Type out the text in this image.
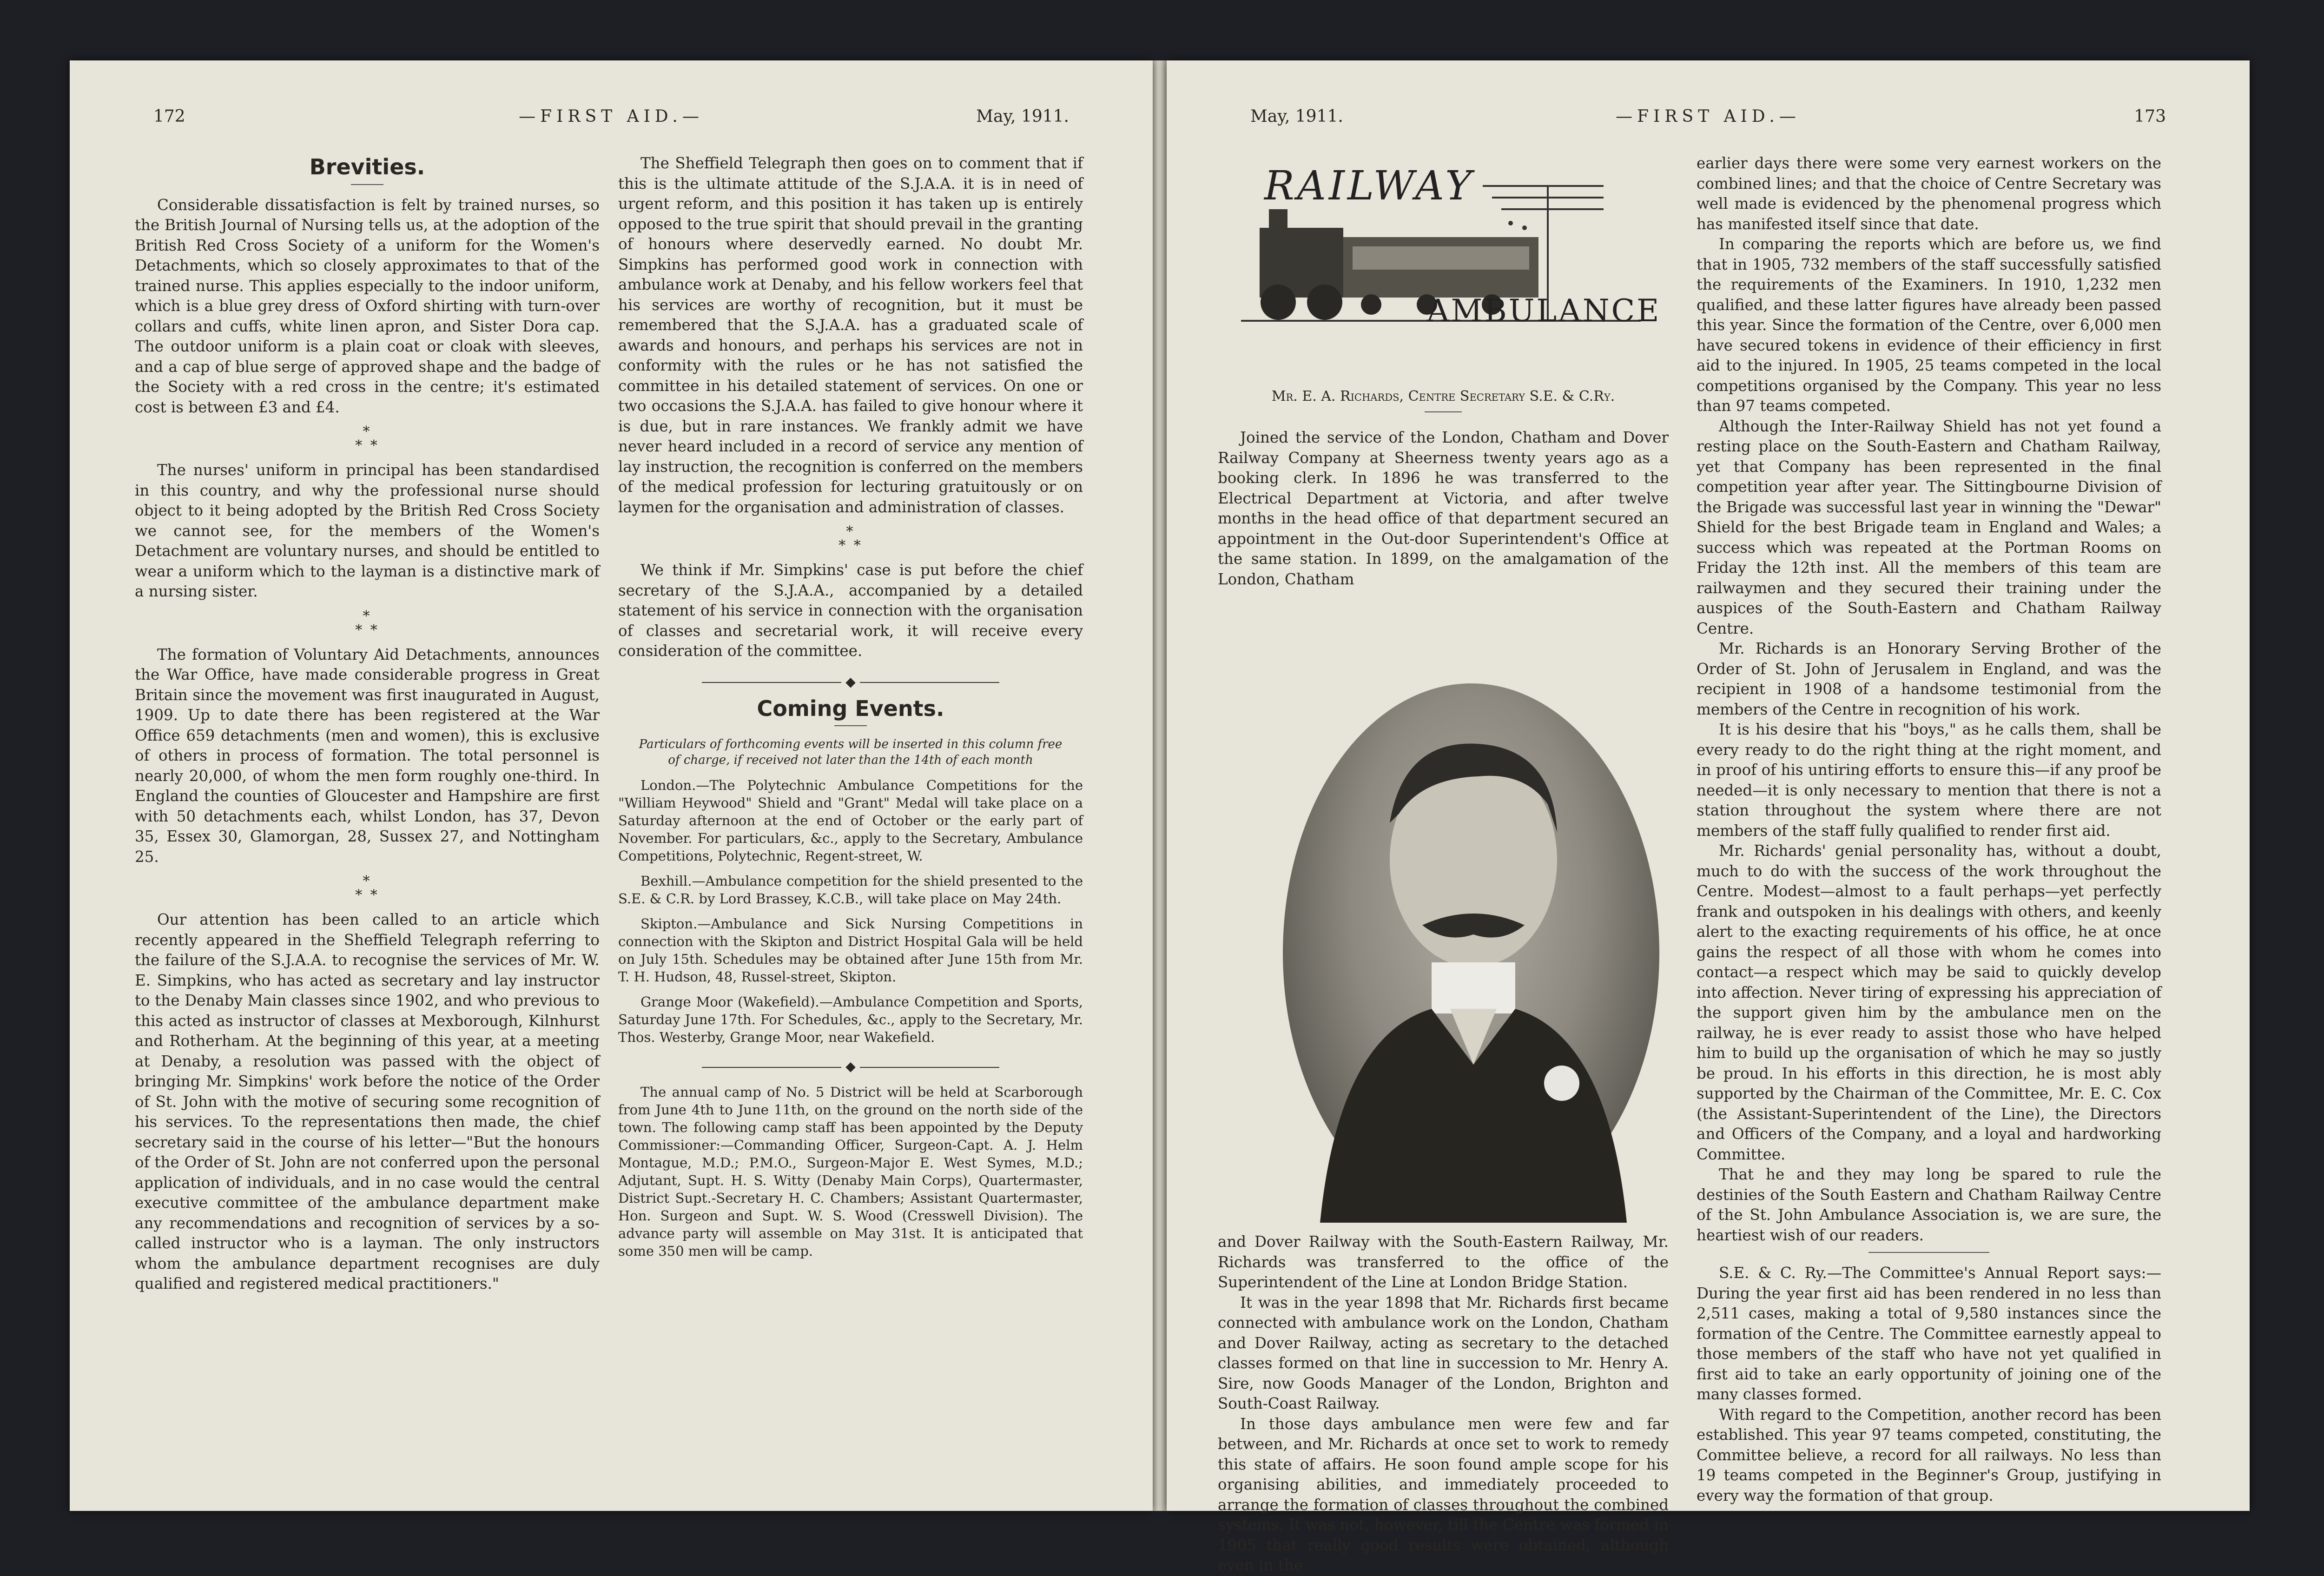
172	—FIRST AID.—	May, 1911.
Brevities.

Considerable dissatisfaction is felt by trained nurses, so the British Journal of Nursing tells us, at the adoption of the British Red Cross Society of a uniform for the Women's Detachments, which so closely approximates to that of the trained nurse. This applies especially to the indoor uniform, which is a blue grey dress of Oxford shirting with turn-over collars and cuffs, white linen apron, and Sister Dora cap. The outdoor uniform is a plain coat or cloak with sleeves, and a cap of blue serge of approved shape and the badge of the Society with a red cross in the centre; it's estimated cost is between £3 and £4.

*
* *

The nurses' uniform in principal has been standardised in this country, and why the professional nurse should object to it being adopted by the British Red Cross Society we cannot see, for the members of the Women's Detachment are voluntary nurses, and should be entitled to wear a uniform which to the layman is a distinctive mark of a nursing sister.

*
* *

The formation of Voluntary Aid Detachments, announces the War Office, have made considerable progress in Great Britain since the movement was first inaugurated in August, 1909. Up to date there has been registered at the War Office 659 detachments (men and women), this is exclusive of others in process of formation. The total personnel is nearly 20,000, of whom the men form roughly one-third. In England the counties of Gloucester and Hampshire are first with 50 detachments each, whilst London, has 37, Devon 35, Essex 30, Glamorgan, 28, Sussex 27, and Nottingham 25.

*
* *

Our attention has been called to an article which recently appeared in the Sheffield Telegraph referring to the failure of the S.J.A.A. to recognise the services of Mr. W. E. Simpkins, who has acted as secretary and lay instructor to the Denaby Main classes since 1902, and who previous to this acted as instructor of classes at Mexborough, Kilnhurst and Rotherham. At the beginning of this year, at a meeting at Denaby, a resolution was passed with the object of bringing Mr. Simpkins' work before the notice of the Order of St. John with the motive of securing some recognition of his services. To the representations then made, the chief secretary said in the course of his letter—"But the honours of the Order of St. John are not conferred upon the personal application of individuals, and in no case would the central executive committee of the ambulance department make any recommendations and recognition of services by a so-called instructor who is a layman. The only instructors whom the ambulance department recognises are duly qualified and registered medical practitioners."

The Sheffield Telegraph then goes on to comment that if this is the ultimate attitude of the S.J.A.A. it is in need of urgent reform, and this position it has taken up is entirely opposed to the true spirit that should prevail in the granting of honours where deservedly earned. No doubt Mr. Simpkins has performed good work in connection with ambulance work at Denaby, and his fellow workers feel that his services are worthy of recognition, but it must be remembered that the S.J.A.A. has a graduated scale of awards and honours, and perhaps his services are not in conformity with the rules or he has not satisfied the committee in his detailed statement of services. On one or two occasions the S.J.A.A. has failed to give honour where it is due, but in rare instances. We frankly admit we have never heard included in a record of service any mention of lay instruction, the recognition is conferred on the members of the medical profession for lecturing gratuitously or on laymen for the organisation and administration of classes.

*
* *

We think if Mr. Simpkins' case is put before the chief secretary of the S.J.A.A., accompanied by a detailed statement of his service in connection with the organisation of classes and secretarial work, it will receive every consideration of the committee.

◆
Coming Events.
Particulars of forthcoming events will be inserted in this column free of charge, if received not later than the 14th of each month

London.—The Polytechnic Ambulance Competitions for the "William Heywood" Shield and "Grant" Medal will take place on a Saturday afternoon at the end of October or the early part of November. For particulars, &c., apply to the Secretary, Ambulance Competitions, Polytechnic, Regent-street, W.

Bexhill.—Ambulance competition for the shield presented to the S.E. & C.R. by Lord Brassey, K.C.B., will take place on May 24th.

Skipton.—Ambulance and Sick Nursing Competitions in connection with the Skipton and District Hospital Gala will be held on July 15th. Schedules may be obtained after June 15th from Mr. T. H. Hudson, 48, Russel-street, Skipton.

Grange Moor (Wakefield).—Ambulance Competition and Sports, Saturday June 17th. For Schedules, &c., apply to the Secretary, Mr. Thos. Westerby, Grange Moor, near Wakefield.

◆

The annual camp of No. 5 District will be held at Scarborough from June 4th to June 11th, on the ground on the north side of the town. The following camp staff has been appointed by the Deputy Commissioner:—Commanding Officer, Surgeon-Capt. A. J. Helm Montague, M.D.; P.M.O., Surgeon-Major E. West Symes, M.D.; Adjutant, Supt. H. S. Witty (Denaby Main Corps), Quartermaster, District Supt.-Secretary H. C. Chambers; Assistant Quartermaster, Hon. Surgeon and Supt. W. S. Wood (Cresswell Division). The advance party will assemble on May 31st. It is anticipated that some 350 men will be camp.

May, 1911.	—FIRST AID.—	173
RAILWAY
AMBULANCE
Mr. E. A. Richards, Centre Secretary S.E. & C.Ry.

Joined the service of the London, Chatham and Dover Railway Company at Sheerness twenty years ago as a booking clerk. In 1896 he was transferred to the Electrical Department at Victoria, and after twelve months in the head office of that department secured an appointment in the Out-door Superintendent's Office at the same station. In 1899, on the amalgamation of the London, Chatham

and Dover Railway with the South-Eastern Railway, Mr. Richards was transferred to the office of the Superintendent of the Line at London Bridge Station.

It was in the year 1898 that Mr. Richards first became connected with ambulance work on the London, Chatham and Dover Railway, acting as secretary to the detached classes formed on that line in succession to Mr. Henry A. Sire, now Goods Manager of the London, Brighton and South-Coast Railway.

In those days ambulance men were few and far between, and Mr. Richards at once set to work to remedy this state of affairs. He soon found ample scope for his organising abilities, and immediately proceeded to arrange the formation of classes throughout the combined systems. It was not, however, till the Centre was formed in 1905 that really good results were obtained, although even in the

earlier days there were some very earnest workers on the combined lines; and that the choice of Centre Secretary was well made is evidenced by the phenomenal progress which has manifested itself since that date.

In comparing the reports which are before us, we find that in 1905, 732 members of the staff successfully satisfied the requirements of the Examiners. In 1910, 1,232 men qualified, and these latter figures have already been passed this year. Since the formation of the Centre, over 6,000 men have secured tokens in evidence of their efficiency in first aid to the injured. In 1905, 25 teams competed in the local competitions organised by the Company. This year no less than 97 teams competed.

Although the Inter-Railway Shield has not yet found a resting place on the South-Eastern and Chatham Railway, yet that Company has been represented in the final competition year after year. The Sittingbourne Division of the Brigade was successful last year in winning the "Dewar" Shield for the best Brigade team in England and Wales; a success which was repeated at the Portman Rooms on Friday the 12th inst. All the members of this team are railwaymen and they secured their training under the auspices of the South-Eastern and Chatham Railway Centre.

Mr. Richards is an Honorary Serving Brother of the Order of St. John of Jerusalem in England, and was the recipient in 1908 of a handsome testimonial from the members of the Centre in recognition of his work.

It is his desire that his "boys," as he calls them, shall be every ready to do the right thing at the right moment, and in proof of his untiring efforts to ensure this—if any proof be needed—it is only necessary to mention that there is not a station throughout the system where there are not members of the staff fully qualified to render first aid.

Mr. Richards' genial personality has, without a doubt, much to do with the success of the work throughout the Centre. Modest—almost to a fault perhaps—yet perfectly frank and outspoken in his dealings with others, and keenly alert to the exacting requirements of his office, he at once gains the respect of all those with whom he comes into contact—a respect which may be said to quickly develop into affection. Never tiring of expressing his appreciation of the support given him by the ambulance men on the railway, he is ever ready to assist those who have helped him to build up the organisation of which he may so justly be proud. In his efforts in this direction, he is most ably supported by the Chairman of the Committee, Mr. E. C. Cox (the Assistant-Superintendent of the Line), the Directors and Officers of the Company, and a loyal and hardworking Committee.

That he and they may long be spared to rule the destinies of the South Eastern and Chatham Railway Centre of the St. John Ambulance Association is, we are sure, the heartiest wish of our readers.

S.E. & C. Ry.—The Committee's Annual Report says:—During the year first aid has been rendered in no less than 2,511 cases, making a total of 9,580 instances since the formation of the Centre. The Committee earnestly appeal to those members of the staff who have not yet qualified in first aid to take an early opportunity of joining one of the many classes formed.

With regard to the Competition, another record has been established. This year 97 teams competed, constituting, the Committee believe, a record for all railways. No less than 19 teams competed in the Beginner's Group, justifying in every way the formation of that group.
